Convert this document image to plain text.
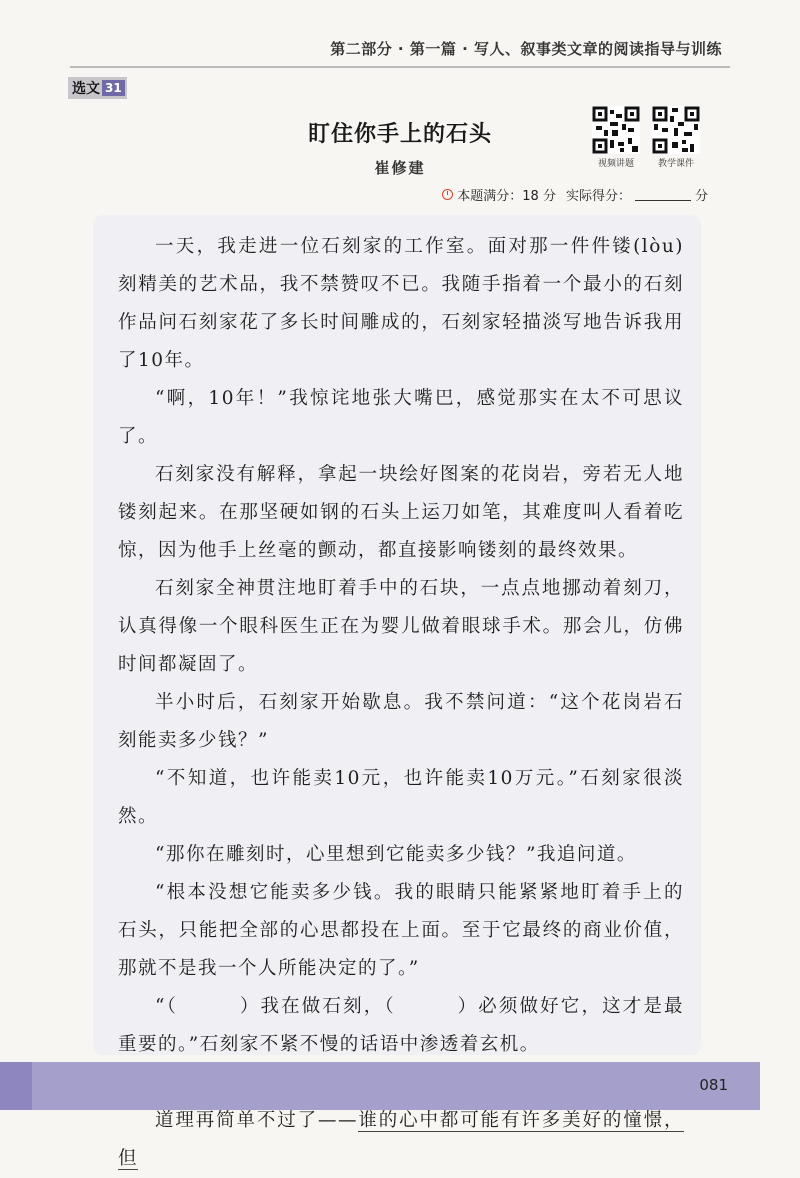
第二部分 · 第一篇 · 写人、叙事类文章的阅读指导与训练
选文 31
盯住你手上的石头
崔修建	视频讲题	教学课件
本题满分：18 分 实际得分：	分

一天，我走进一位石刻家的工作室。面对那一件件镂(lòu)刻精美的艺术品，我不禁赞叹不已。我随手指着一个最小的石刻作品问石刻家花了多长时间雕成的，石刻家轻描淡写地告诉我用了10年。

“啊，10年！”我惊诧地张大嘴巴，感觉那实在太不可思议了。

石刻家没有解释，拿起一块绘好图案的花岗岩，旁若无人地镂刻起来。在那坚硬如钢的石头上运刀如笔，其难度叫人看着吃惊，因为他手上丝毫的颤动，都直接影响镂刻的最终效果。

石刻家全神贯注地盯着手中的石块，一点点地挪动着刻刀，认真得像一个眼科医生正在为婴儿做着眼球手术。那会儿，仿佛时间都凝固了。

半小时后，石刻家开始歇息。我不禁问道：“这个花岗岩石刻能卖多少钱？”

“不知道，也许能卖10元，也许能卖10万元。”石刻家很淡然。

“那你在雕刻时，心里想到它能卖多少钱？”我追问道。

“根本没想它能卖多少钱。我的眼睛只能紧紧地盯着手上的石头，只能把全部的心思都投在上面。至于它最终的商业价值，那就不是我一个人所能决定的了。”

“（　　　）我在做石刻，（　　　）必须做好它，这才是最重要的。”石刻家不紧不慢的话语中渗透着玄机。

道理再简单不过了——谁的心中都可能有许多美好的憧憬，但

081
